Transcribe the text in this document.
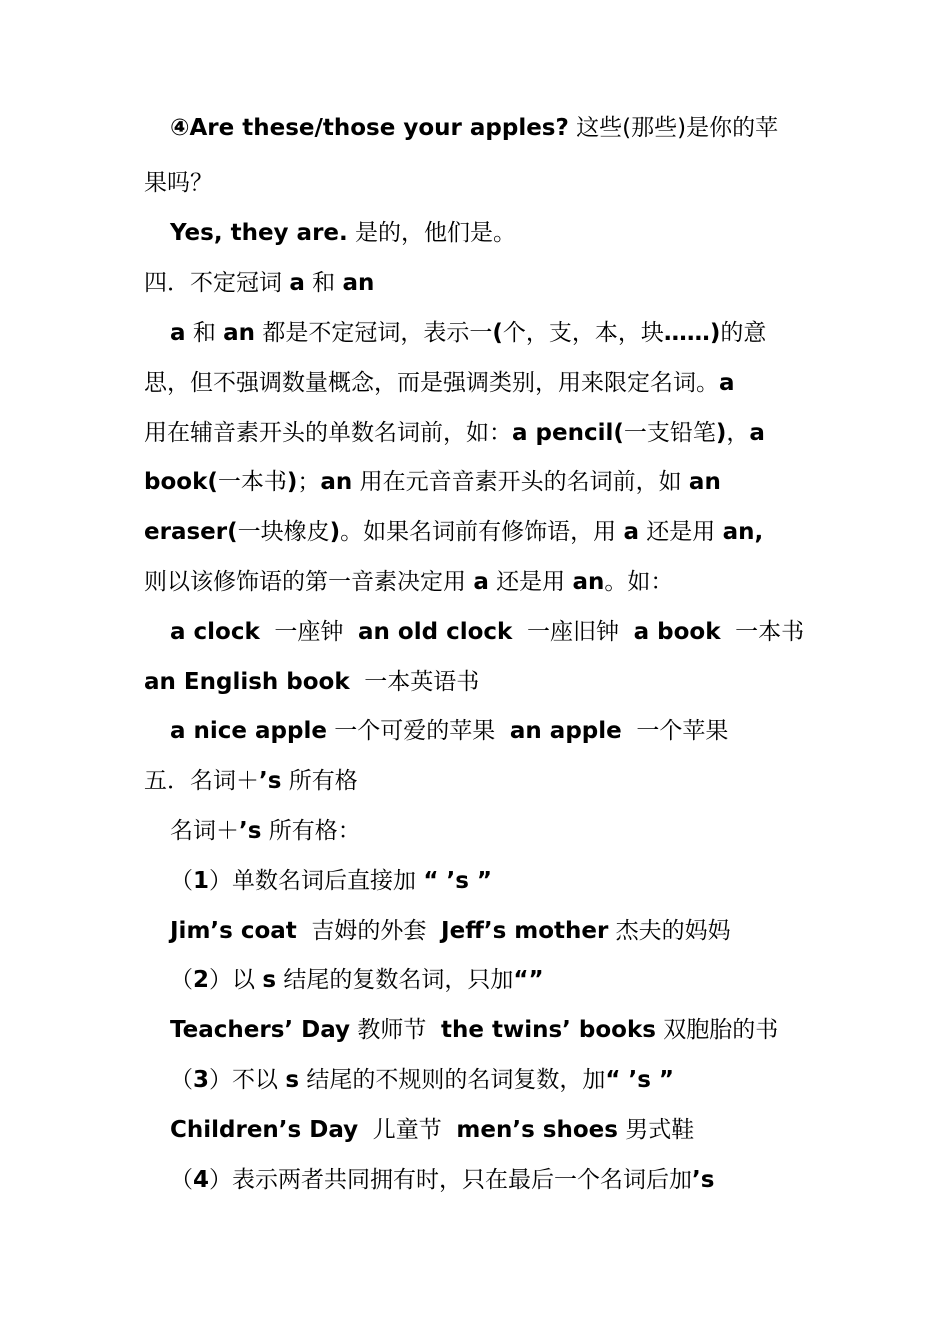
④Are these/those your apples? 这些(那些)是你的苹
果吗？
Yes, they are. 是的，他们是。
四．不定冠词 a 和 an
a 和 an 都是不定冠词，表示一(个，支，本，块……)的意
思，但不强调数量概念，而是强调类别，用来限定名词。a
用在辅音素开头的单数名词前，如：a pencil(一支铅笔)，a
book(一本书)；an 用在元音音素开头的名词前，如 an
eraser(一块橡皮)。如果名词前有修饰语，用 a 还是用 an,
则以该修饰语的第一音素决定用 a 还是用 an。如：
a clock  一座钟  an old clock  一座旧钟  a book  一本书
an English book  一本英语书
a nice apple 一个可爱的苹果  an apple  一个苹果
五．名词＋’s 所有格
名词＋’s 所有格：
（1）单数名词后直接加 “ ’s ”
Jim’s coat  吉姆的外套  Jeff’s mother 杰夫的妈妈
（2）以 s 结尾的复数名词，只加“”
Teachers’ Day 教师节  the twins’ books 双胞胎的书
（3）不以 s 结尾的不规则的名词复数，加“ ’s ”
Children’s Day  儿童节  men’s shoes 男式鞋
（4）表示两者共同拥有时，只在最后一个名词后加’s
